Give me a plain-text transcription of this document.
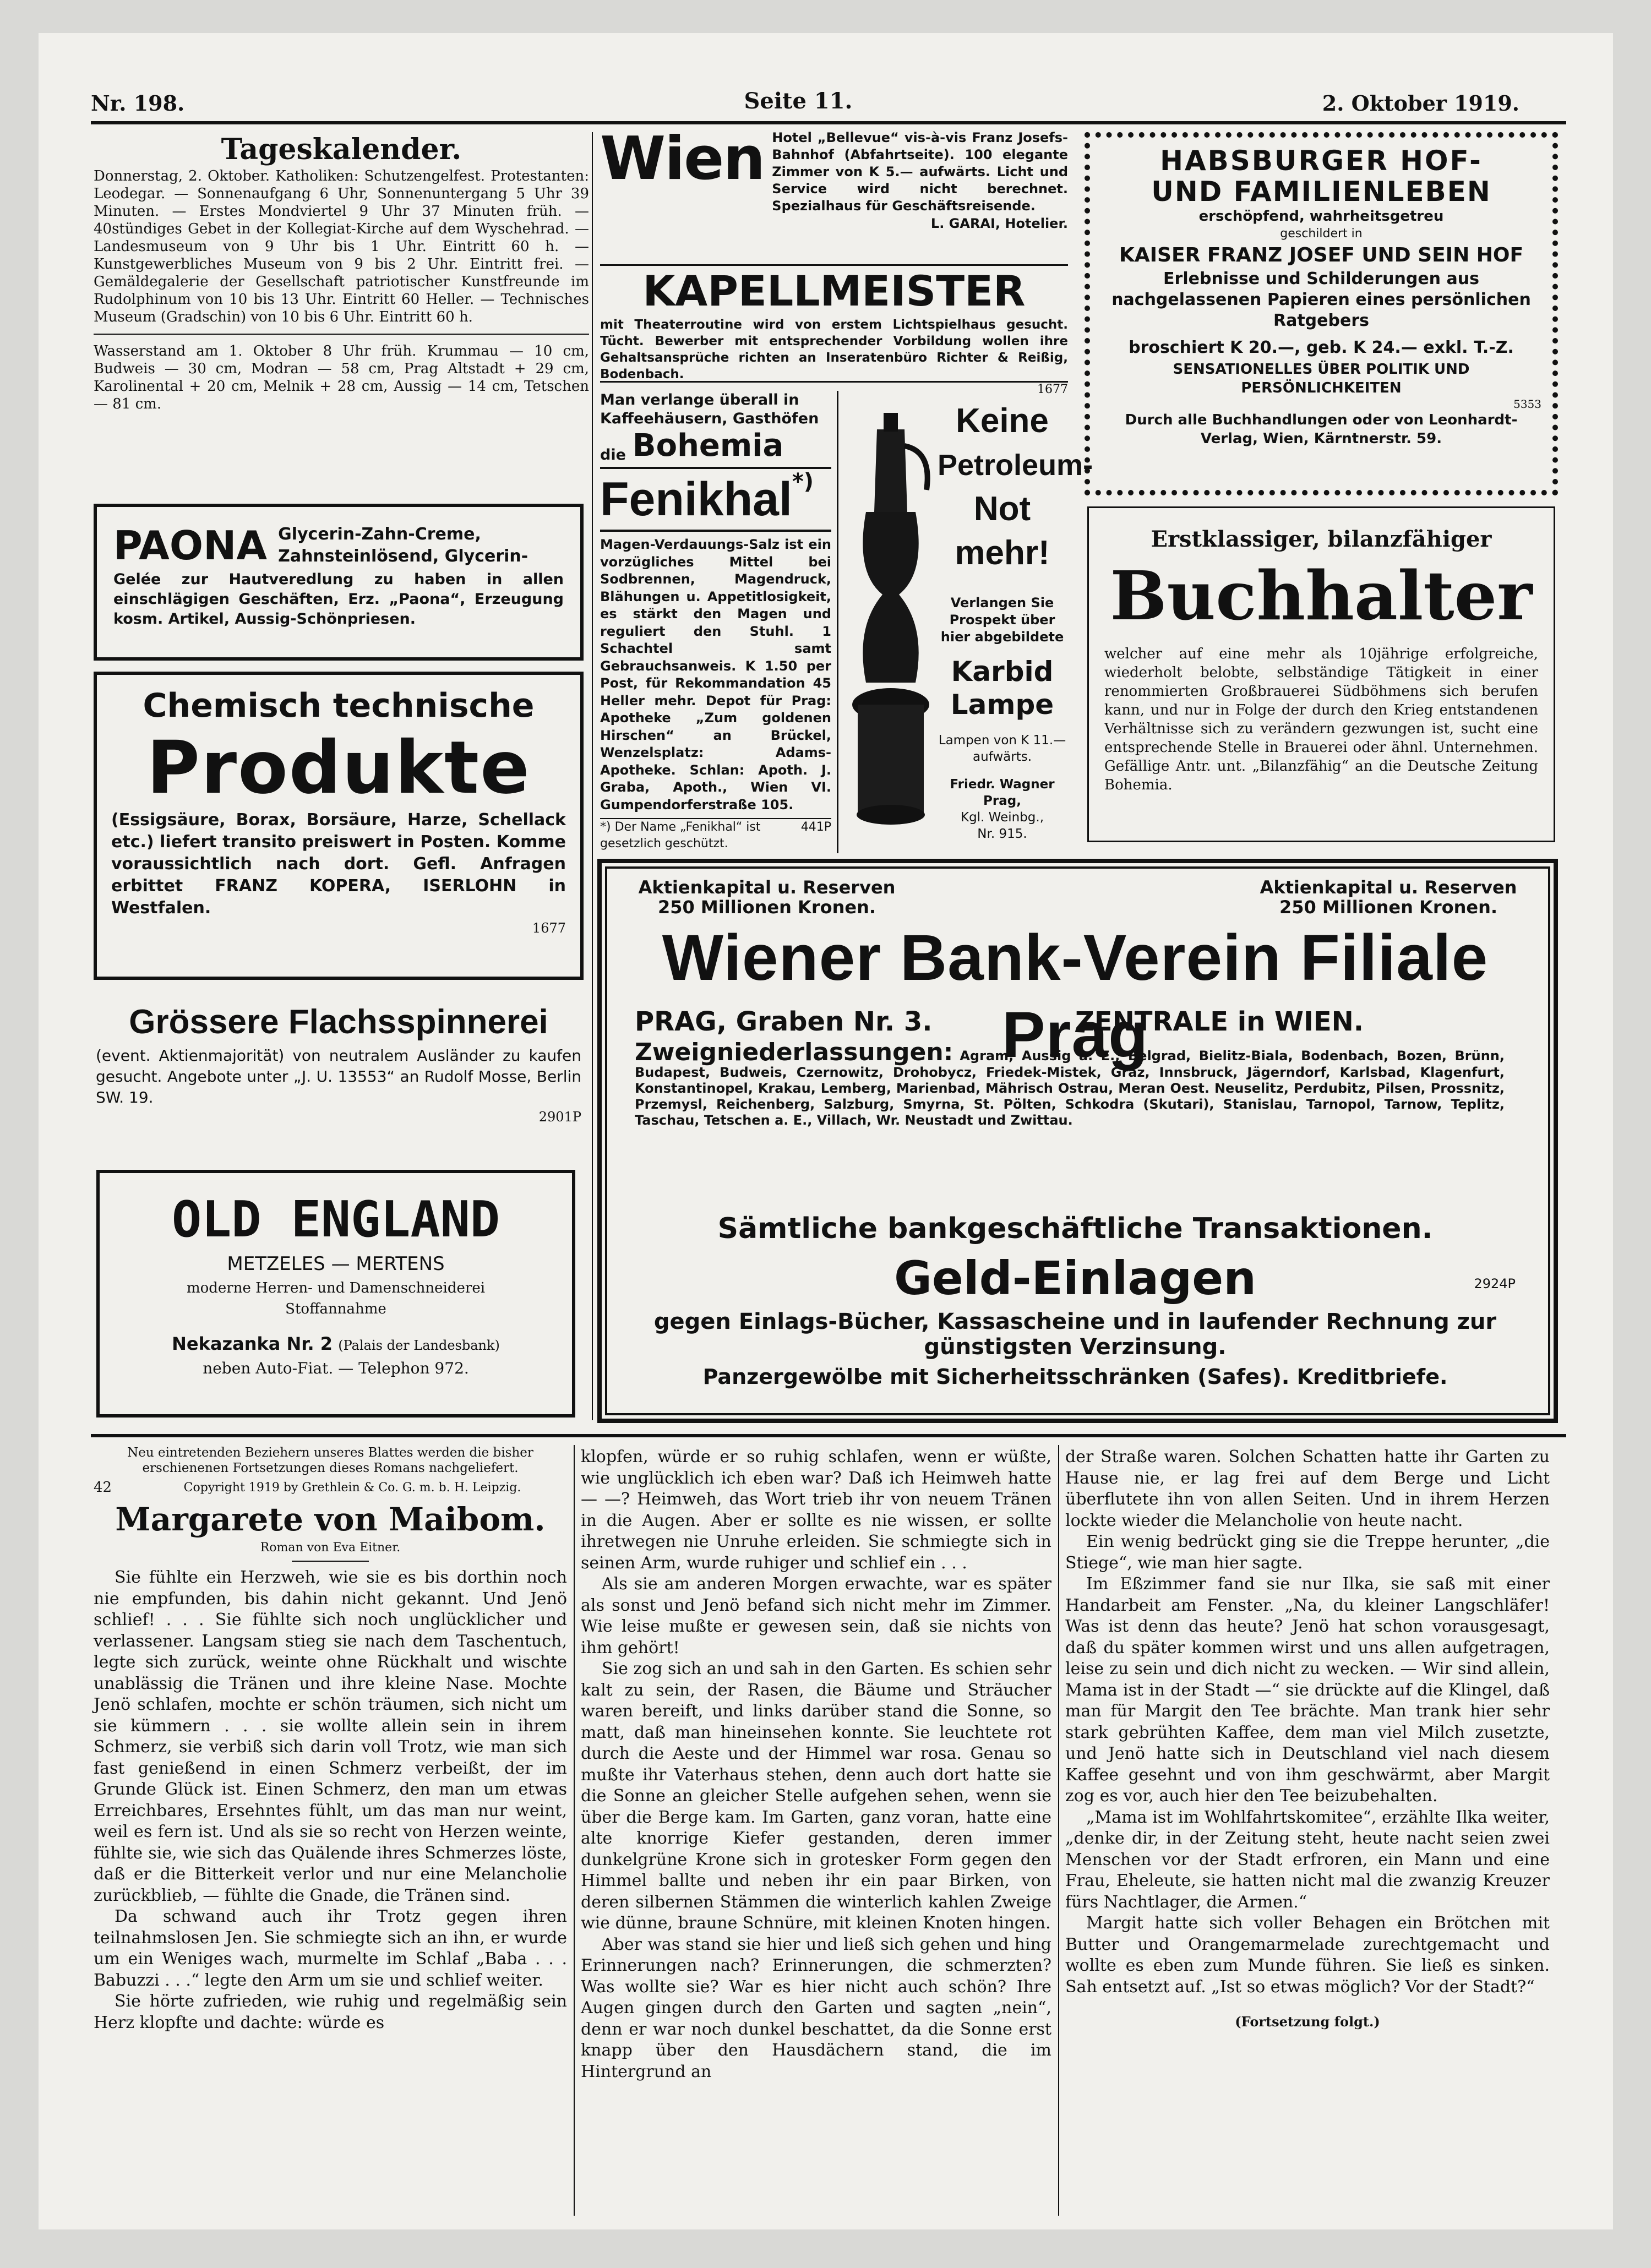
Nr. 198.	Seite 11.	2. Oktober 1919.
Tageskalender.
Donnerstag, 2. Oktober. Katholiken: Schutzengelfest. Protestanten: Leodegar. — Sonnenaufgang 6 Uhr, Sonnenuntergang 5 Uhr 39 Minuten. — Erstes Mondviertel 9 Uhr 37 Minuten früh. — 40stündiges Gebet in der Kollegiat-Kirche auf dem Wyschehrad. — Landesmuseum von 9 Uhr bis 1 Uhr. Eintritt 60 h. — Kunstgewerbliches Museum von 9 bis 2 Uhr. Eintritt frei. — Gemäldegalerie der Gesellschaft patriotischer Kunstfreunde im Rudolphinum von 10 bis 13 Uhr. Eintritt 60 Heller. — Technisches Museum (Gradschin) von 10 bis 6 Uhr. Eintritt 60 h.
Wasserstand am 1. Oktober 8 Uhr früh. Krummau — 10 cm, Budweis — 30 cm, Modran — 58 cm, Prag Altstadt + 29 cm, Karolinental + 20 cm, Melnik + 28 cm, Aussig — 14 cm, Tetschen — 81 cm.
PAONA Glycerin-Zahn-Creme,
Zahnsteinlösend, Glycerin-
Gelée zur Hautveredlung zu haben in allen einschlägigen Geschäften, Erz. „Paona“, Erzeugung kosm. Artikel, Aussig-Schönpriesen.
Chemisch technische
Produkte
(Essigsäure, Borax, Borsäure, Harze, Schellack etc.) liefert transito preiswert in Posten. Komme voraussichtlich nach dort. Gefl. Anfragen erbittet FRANZ KOPERA, ISERLOHN in Westfalen.
1677
Grössere Flachsspinnerei
(event. Aktienmajorität) von neutralem Ausländer zu kaufen gesucht. Angebote unter „J. U. 13553“ an Rudolf Mosse, Berlin SW. 19.
2901P
OLD ENGLAND
METZELES — MERTENS
moderne Herren- und Damenschneiderei
Stoffannahme
Nekazanka Nr. 2 (Palais der Landesbank)
neben Auto-Fiat. — Telephon 972.
Wien Hotel „Bellevue“ vis-à-vis Franz Josefs-Bahnhof (Abfahrtseite). 100 elegante Zimmer von K 5.— aufwärts. Licht und Service wird nicht berechnet. Spezialhaus für Geschäftsreisende.
L. GARAI, Hotelier.
KAPELLMEISTER
mit Theaterroutine wird von erstem Lichtspielhaus gesucht. Tücht. Bewerber mit entsprechender Vorbildung wollen ihre Gehaltsansprüche richten an Inseratenbüro Richter & Reißig, Bodenbach.
1677
Man verlange überall in Kaffeehäusern, Gasthöfen
die Bohemia
Fenikhal*)
Magen-Verdauungs-Salz ist ein vorzügliches Mittel bei Sodbrennen, Magendruck, Blähungen u. Appetitlosigkeit, es stärkt den Magen und reguliert den Stuhl. 1 Schachtel samt Gebrauchsanweis. K 1.50 per Post, für Rekommandation 45 Heller mehr. Depot für Prag: Apotheke „Zum goldenen Hirschen“ an Brückel, Wenzelsplatz: Adams-Apotheke. Schlan: Apoth. J. Graba, Apoth., Wien VI. Gumpendorferstraße 105.
*) Der Name „Fenikhal“ ist gesetzlich geschützt.
441P
Keine
Petroleum-
Not
mehr!
Verlangen Sie Prospekt über hier abgebildete
Karbid
Lampe
Lampen von K 11.— aufwärts.
Friedr. Wagner
Prag,
Kgl. Weinbg.,
Nr. 915.
HABSBURGER HOF-
UND FAMILIENLEBEN
erschöpfend, wahrheitsgetreu
geschildert in
KAISER FRANZ JOSEF UND SEIN HOF
Erlebnisse und Schilderungen aus nachgelassenen Papieren eines persönlichen Ratgebers
broschiert K 20.—, geb. K 24.— exkl. T.-Z.
SENSATIONELLES ÜBER POLITIK UND PERSÖNLICHKEITEN
5353
Durch alle Buchhandlungen oder von Leonhardt-Verlag, Wien, Kärntnerstr. 59.
Erstklassiger, bilanzfähiger
Buchhalter
welcher auf eine mehr als 10jährige erfolgreiche, wiederholt belobte, selbständige Tätigkeit in einer renommierten Großbrauerei Südböhmens sich berufen kann, und nur in Folge der durch den Krieg entstandenen Verhältnisse sich zu verändern gezwungen ist, sucht eine entsprechende Stelle in Brauerei oder ähnl. Unternehmen. Gefällige Antr. unt. „Bilanzfähig“ an die Deutsche Zeitung Bohemia.
Aktienkapital u. Reserven
250 Millionen Kronen.
Aktienkapital u. Reserven
250 Millionen Kronen.
Wiener Bank-Verein Filiale Prag
PRAG, Graben Nr. 3.	ZENTRALE in WIEN.
Zweigniederlassungen: Agram, Aussig a. E., Belgrad, Bielitz-Biala, Bodenbach, Bozen, Brünn, Budapest, Budweis, Czernowitz, Drohobycz, Friedek-Mistek, Graz, Innsbruck, Jägerndorf, Karlsbad, Klagenfurt, Konstantinopel, Krakau, Lemberg, Marienbad, Mährisch Ostrau, Meran Oest. Neuselitz, Perdubitz, Pilsen, Prossnitz, Przemysl, Reichenberg, Salzburg, Smyrna, St. Pölten, Schkodra (Skutari), Stanislau, Tarnopol, Tarnow, Teplitz, Taschau, Tetschen a. E., Villach, Wr. Neustadt und Zwittau.
Sämtliche bankgeschäftliche Transaktionen.
Geld-Einlagen	2924P
gegen Einlags-Bücher, Kassascheine und in laufender Rechnung zur günstigsten Verzinsung.
Panzergewölbe mit Sicherheitsschränken (Safes). Kreditbriefe.
Neu eintretenden Beziehern unseres Blattes werden die bisher erschienenen Fortsetzungen dieses Romans nachgeliefert.
42	Copyright 1919 by Grethlein & Co. G. m. b. H. Leipzig.
Margarete von Maibom.
Roman von Eva Eitner.

Sie fühlte ein Herzweh, wie sie es bis dorthin noch nie empfunden, bis dahin nicht gekannt. Und Jenö schlief! . . . Sie fühlte sich noch unglücklicher und verlassener. Langsam stieg sie nach dem Taschentuch, legte sich zurück, weinte ohne Rückhalt und wischte unablässig die Tränen und ihre kleine Nase. Mochte Jenö schlafen, mochte er schön träumen, sich nicht um sie kümmern . . . sie wollte allein sein in ihrem Schmerz, sie verbiß sich darin voll Trotz, wie man sich fast genießend in einen Schmerz verbeißt, der im Grunde Glück ist. Einen Schmerz, den man um etwas Erreichbares, Ersehntes fühlt, um das man nur weint, weil es fern ist. Und als sie so recht von Herzen weinte, fühlte sie, wie sich das Quälende ihres Schmerzes löste, daß er die Bitterkeit verlor und nur eine Melancholie zurückblieb, — fühlte die Gnade, die Tränen sind.

Da schwand auch ihr Trotz gegen ihren teilnahmslosen Jen. Sie schmiegte sich an ihn, er wurde um ein Weniges wach, murmelte im Schlaf „Baba . . . Babuzzi . . .“ legte den Arm um sie und schlief weiter.

Sie hörte zufrieden, wie ruhig und regelmäßig sein Herz klopfte und dachte: würde es

klopfen, würde er so ruhig schlafen, wenn er wüßte, wie unglücklich ich eben war? Daß ich Heimweh hatte — —? Heimweh, das Wort trieb ihr von neuem Tränen in die Augen. Aber er sollte es nie wissen, er sollte ihretwegen nie Unruhe erleiden. Sie schmiegte sich in seinen Arm, wurde ruhiger und schlief ein . . .

Als sie am anderen Morgen erwachte, war es später als sonst und Jenö befand sich nicht mehr im Zimmer. Wie leise mußte er gewesen sein, daß sie nichts von ihm gehört!

Sie zog sich an und sah in den Garten. Es schien sehr kalt zu sein, der Rasen, die Bäume und Sträucher waren bereift, und links darüber stand die Sonne, so matt, daß man hineinsehen konnte. Sie leuchtete rot durch die Aeste und der Himmel war rosa. Genau so mußte ihr Vaterhaus stehen, denn auch dort hatte sie die Sonne an gleicher Stelle aufgehen sehen, wenn sie über die Berge kam. Im Garten, ganz voran, hatte eine alte knorrige Kiefer gestanden, deren immer dunkelgrüne Krone sich in grotesker Form gegen den Himmel ballte und neben ihr ein paar Birken, von deren silbernen Stämmen die winterlich kahlen Zweige wie dünne, braune Schnüre, mit kleinen Knoten hingen.

Aber was stand sie hier und ließ sich gehen und hing Erinnerungen nach? Erinnerungen, die schmerzten? Was wollte sie? War es hier nicht auch schön? Ihre Augen gingen durch den Garten und sagten „nein“, denn er war noch dunkel beschattet, da die Sonne erst knapp über den Hausdächern stand, die im Hintergrund an

der Straße waren. Solchen Schatten hatte ihr Garten zu Hause nie, er lag frei auf dem Berge und Licht überflutete ihn von allen Seiten. Und in ihrem Herzen lockte wieder die Melancholie von heute nacht.

Ein wenig bedrückt ging sie die Treppe herunter, „die Stiege“, wie man hier sagte.

Im Eßzimmer fand sie nur Ilka, sie saß mit einer Handarbeit am Fenster. „Na, du kleiner Langschläfer! Was ist denn das heute? Jenö hat schon vorausgesagt, daß du später kommen wirst und uns allen aufgetragen, leise zu sein und dich nicht zu wecken. — Wir sind allein, Mama ist in der Stadt —“ sie drückte auf die Klingel, daß man für Margit den Tee brächte. Man trank hier sehr stark gebrühten Kaffee, dem man viel Milch zusetzte, und Jenö hatte sich in Deutschland viel nach diesem Kaffee gesehnt und von ihm geschwärmt, aber Margit zog es vor, auch hier den Tee beizubehalten.

„Mama ist im Wohlfahrtskomitee“, erzählte Ilka weiter, „denke dir, in der Zeitung steht, heute nacht seien zwei Menschen vor der Stadt erfroren, ein Mann und eine Frau, Eheleute, sie hatten nicht mal die zwanzig Kreuzer fürs Nachtlager, die Armen.“

Margit hatte sich voller Behagen ein Brötchen mit Butter und Orangemarmelade zurechtgemacht und wollte es eben zum Munde führen. Sie ließ es sinken. Sah entsetzt auf. „Ist so etwas möglich? Vor der Stadt?“

(Fortsetzung folgt.)
